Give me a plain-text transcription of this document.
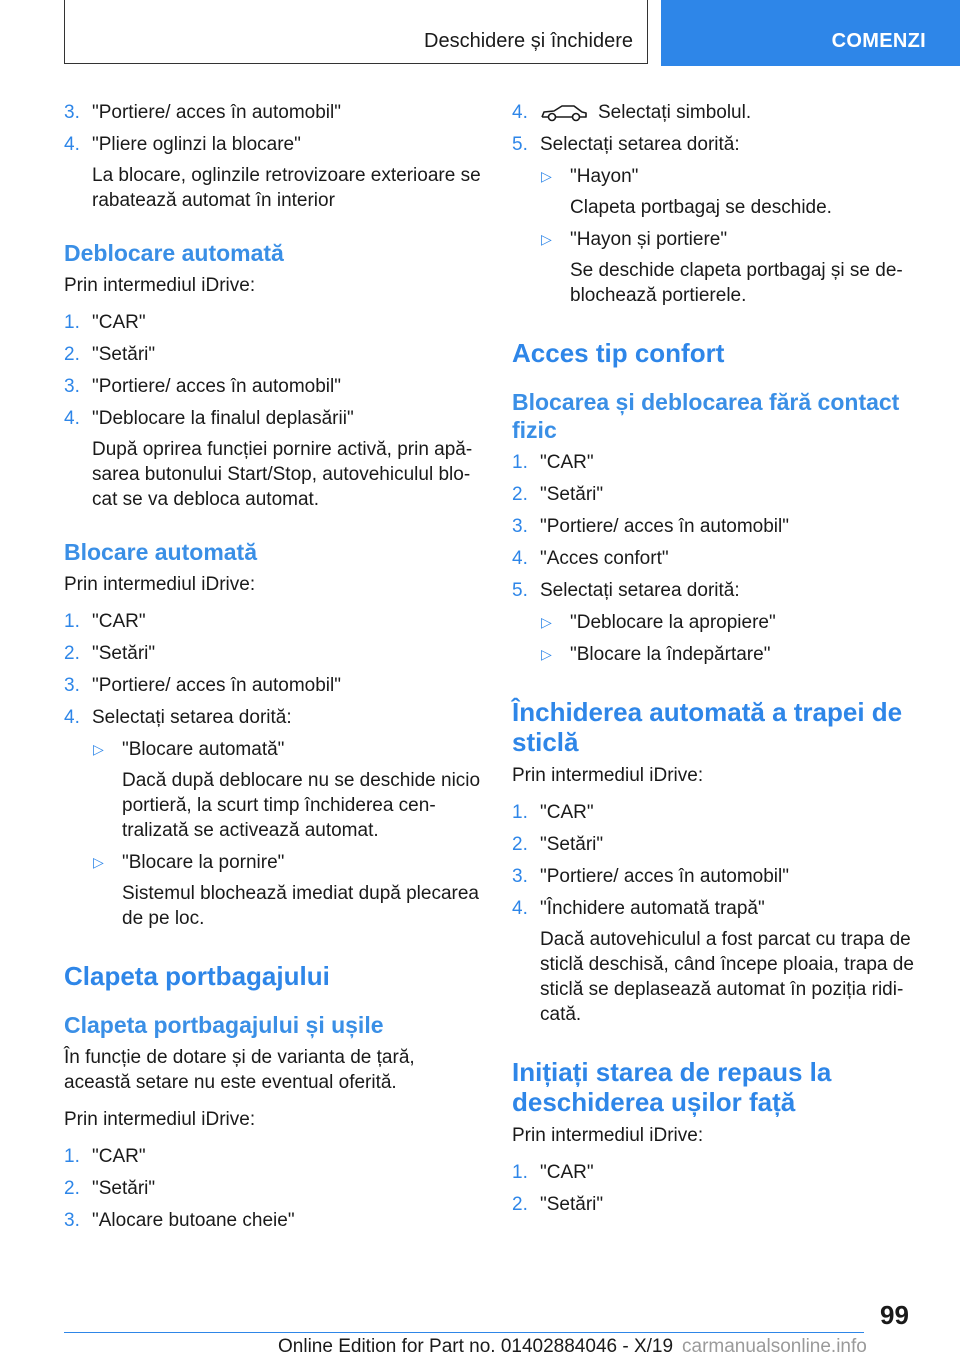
Deschidere și închidere	COMENZI
3. "Portiere/ acces în automobil"
4. "Pliere oglinzi la blocare"
La blocare, oglinzile retrovizoare exterioare se rabatează automat în interior
Deblocare automată

Prin intermediul iDrive:

1. "CAR"
2. "Setări"
3. "Portiere/ acces în automobil"
4. "Deblocare la finalul deplasării"
După oprirea funcției pornire activă, prin apăsarea butonului Start/Stop, autovehiculul blocat se va debloca automat.
Blocare automată

Prin intermediul iDrive:

1. "CAR"
2. "Setări"
3. "Portiere/ acces în automobil"
4. Selectați setarea dorită:
▷ "Blocare automată"
Dacă după deblocare nu se deschide nicio portieră, la scurt timp închiderea centralizată se activează automat.
▷ "Blocare la pornire"
Sistemul blochează imediat după plecarea de pe loc.
Clapeta portbagajului
Clapeta portbagajului și ușile

În funcție de dotare și de varianta de țară, această setare nu este eventual oferită.

Prin intermediul iDrive:

1. "CAR"
2. "Setări"
3. "Alocare butoane cheie"
4.	Selectați simbolul.
5. Selectați setarea dorită:
▷ "Hayon"
Clapeta portbagaj se deschide.
▷ "Hayon și portiere"
Se deschide clapeta portbagaj și se deblochează portierele.
Acces tip confort
Blocarea și deblocarea fără contact fizic
1. "CAR"
2. "Setări"
3. "Portiere/ acces în automobil"
4. "Acces confort"
5. Selectați setarea dorită:
▷ "Deblocare la apropiere"
▷ "Blocare la îndepărtare"
Închiderea automată a trapei de sticlă

Prin intermediul iDrive:

1. "CAR"
2. "Setări"
3. "Portiere/ acces în automobil"
4. "Închidere automată trapă"
Dacă autovehiculul a fost parcat cu trapa de sticlă deschisă, când începe ploaia, trapa de sticlă se deplasează automat în poziția ridicată.
Inițiați starea de repaus la deschiderea ușilor față

Prin intermediul iDrive:

1. "CAR"
2. "Setări"
99
Online Edition for Part no. 01402884046 - X/19 carmanualsonline.info
